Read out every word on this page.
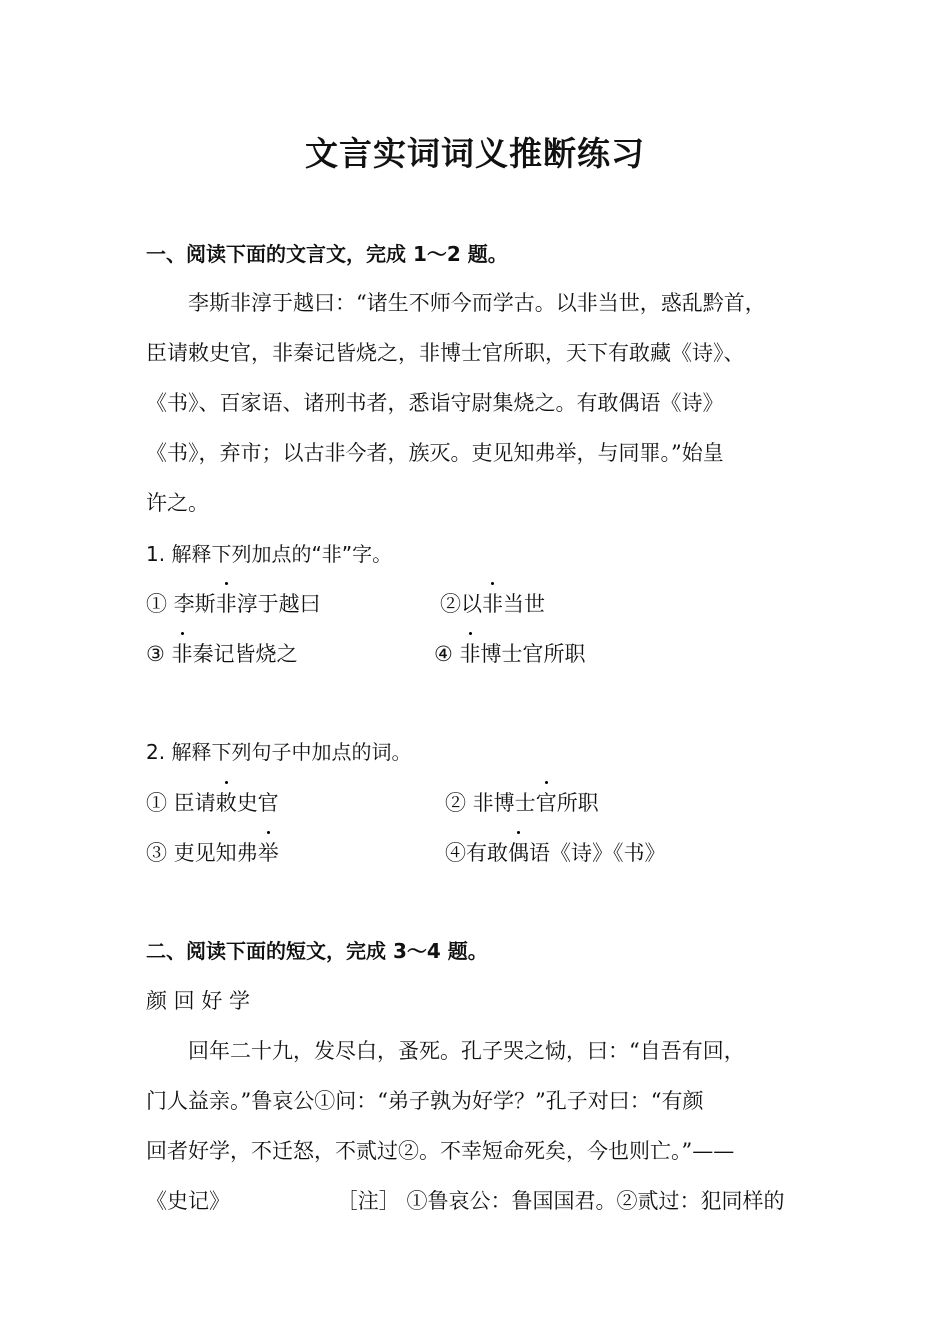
文言实词词义推断练习
一、阅读下面的文言文，完成 1～2 题。
李斯非淳于越曰：“诸生不师今而学古。以非当世，惑乱黔首，
臣请敕史官，非秦记皆烧之，非博士官所职，天下有敢藏《诗》、
《书》、百家语、诸刑书者，悉诣守尉集烧之。有敢偶语《诗》
《书》，弃市；以古非今者，族灭。吏见知弗举，与同罪。”始皇
许之。
1. 解释下列加点的“非”字。
① 李斯非淳于越曰	②以非当世
③ 非秦记皆烧之	④ 非博士官所职
2. 解释下列句子中加点的词。
① 臣请敕史官	② 非博士官所职
③ 吏见知弗举	④有敢偶语《诗》《书》
二、阅读下面的短文，完成 3～4 题。
颜 回 好 学
回年二十九，发尽白，蚤死。孔子哭之恸，曰：“自吾有回，
门人益亲。”鲁哀公①问：“弟子孰为好学？”孔子对曰：“有颜
回者好学，不迁怒，不贰过②。不幸短命死矣，今也则亡。”——
《史记》                ［注］ ①鲁哀公：鲁国国君。②贰过：犯同样的
